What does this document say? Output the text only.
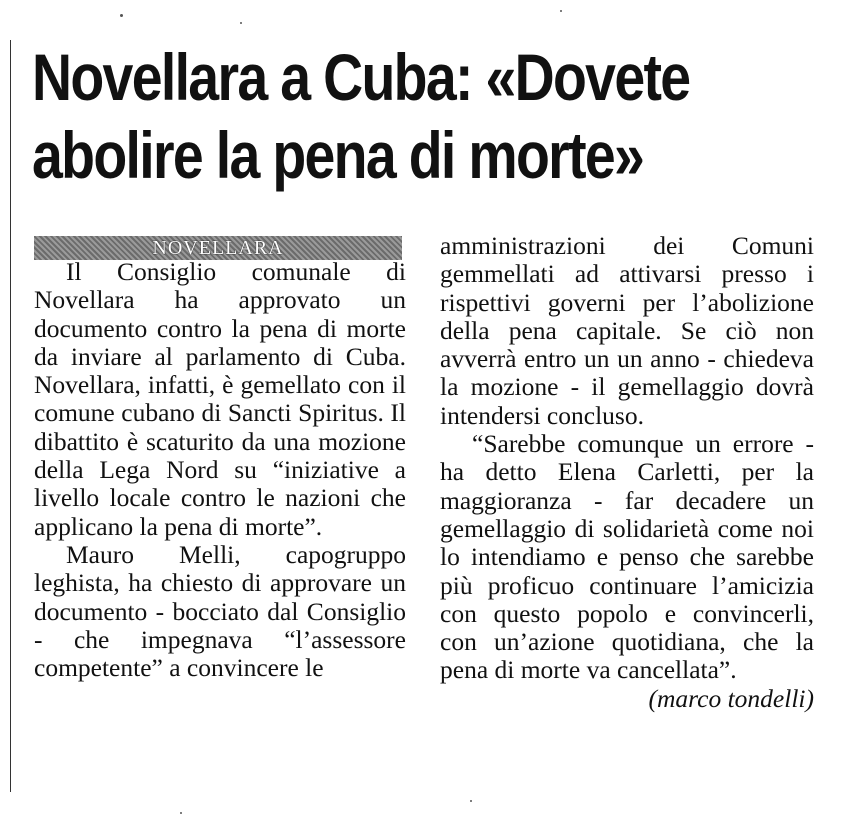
Novellara a Cuba: «Dovete
abolire la pena di morte»
NOVELLARA

Il Consiglio comunale di Novellara ha approvato un documento contro la pena di morte da inviare al parlamento di Cuba. Novellara, infatti, è gemellato con il comune cubano di Sancti Spiritus. Il dibattito è scaturito da una mozione della Lega Nord su “iniziative a livello locale contro le nazioni che applicano la pena di morte”.

Mauro Melli, capogruppo leghista, ha chiesto di approvare un documento - bocciato dal Consiglio - che impegnava “l’assessore competente” a convincere le

amministrazioni dei Comuni gemmellati ad attivarsi presso i rispettivi governi per l’abolizione della pena capitale. Se ciò non avverrà entro un un anno - chiedeva la mozione - il gemellaggio dovrà intendersi concluso.

“Sarebbe comunque un errore - ha detto Elena Carletti, per la maggioranza - far decadere un gemellaggio di solidarietà come noi lo intendiamo e penso che sarebbe più proficuo continuare l’amicizia con questo popolo e convincerli, con un’azione quotidiana, che la pena di morte va cancellata”.

(marco tondelli)
